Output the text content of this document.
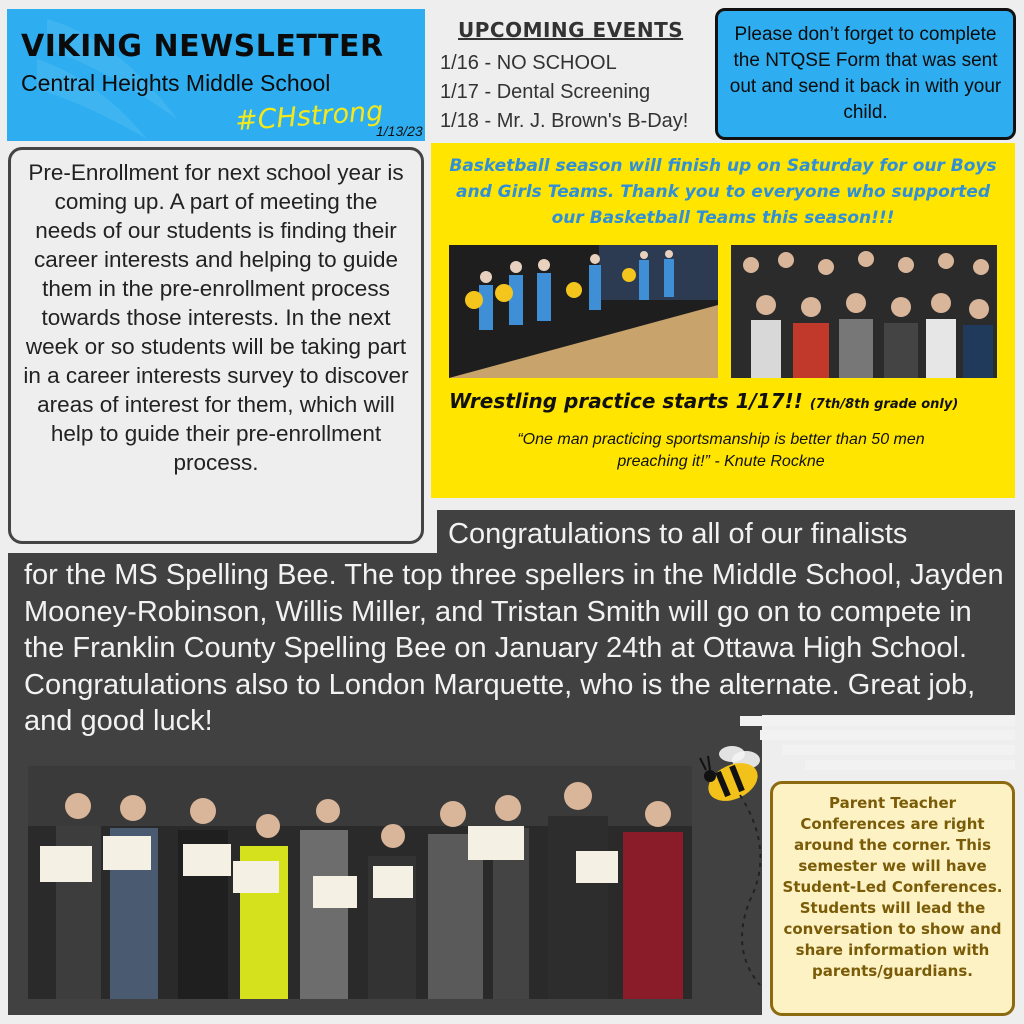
VIKING NEWSLETTER
Central Heights Middle School
#CHstrong
1/13/23
UPCOMING EVENTS
1/16 - NO SCHOOL
1/17 - Dental Screening
1/18 - Mr. J. Brown's B-Day!
Please don’t forget to complete the NTQSE Form that was sent out and send it back in with your child.
Pre-Enrollment for next school year is coming up. A part of meeting the needs of our students is finding their career interests and helping to guide them in the pre-enrollment process towards those interests. In the next week or so students will be taking part in a career interests survey to discover areas of interest for them, which will help to guide their pre-enrollment process.
Basketball season will finish up on Saturday for our Boys and Girls Teams. Thank you to everyone who supported our Basketball Teams this season!!!
Wrestling practice starts 1/17!! (7th/8th grade only)
“One man practicing sportsmanship is better than 50 men preaching it!” - Knute Rockne
Congratulations to all of our finalists
for the MS Spelling Bee. The top three spellers in the Middle School, Jayden Mooney-Robinson, Willis Miller, and Tristan Smith will go on to compete in the Franklin County Spelling Bee on January 24th at Ottawa High School. Congratulations also to London Marquette, who is the alternate. Great job, and good luck!
Parent Teacher Conferences are right around the corner. This semester we will have Student-Led Conferences. Students will lead the conversation to show and share information with parents/guardians.
